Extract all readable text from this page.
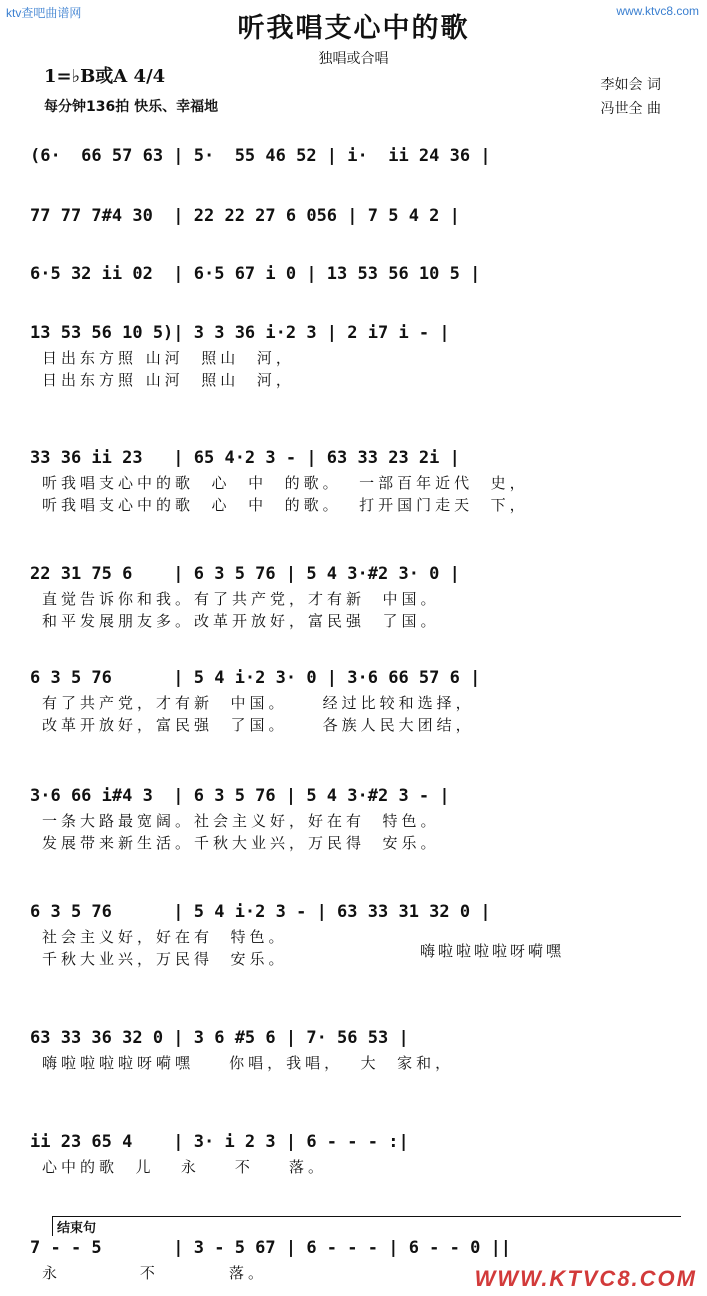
ktv查吧曲谱网	www.ktvc8.com
听我唱支心中的歌
独唱或合唱
1=♭B或A 4/4
每分钟136拍 快乐、幸福地
李如会 词
冯世全 曲
(6·  66 57 63 | 5·  55 46 52 | i·  ii 24 36 |
77 77 7#4 30  | 22 22 27 6 056 | 7 5 4 2 |
6·5 32 ii 02  | 6·5 67 i 0 | 13 53 56 10 5 |
13 53 56 10 5)| 3 3 36 i·2 3 | 2 i7 i - |
日出东方照 山河  照山  河，
日出东方照 山河  照山  河，
33 36 ii 23   | 65 4·2 3 - | 63 33 23 2i |
听我唱支心中的歌  心  中  的歌。  一部百年近代  史，
听我唱支心中的歌  心  中  的歌。  打开国门走天  下，
22 31 75 6    | 6 3 5 76 | 5 4 3·#2 3· 0 |
直觉告诉你和我。有了共产党，才有新  中国。
和平发展朋友多。改革开放好，富民强  了国。
6 3 5 76      | 5 4 i·2 3· 0 | 3·6 66 57 6 |
有了共产党，才有新  中国。    经过比较和选择，
改革开放好，富民强  了国。    各族人民大团结，
3·6 66 i#4 3  | 6 3 5 76 | 5 4 3·#2 3 - |
一条大路最宽阔。社会主义好，好在有  特色。
发展带来新生活。千秋大业兴，万民得  安乐。
6 3 5 76      | 5 4 i·2 3 - | 63 33 31 32 0 |
社会主义好，好在有  特色。
千秋大业兴，万民得  安乐。
63 33 36 32 0 | 3 6 #5 6 | 7· 56 53 |
嗨啦啦啦啦呀嗬嘿    你唱，我唱，  大  家和，
ii 23 65 4    | 3· i 2 3 | 6 - - - :|
心中的歌  儿   永    不    落。
7 - - 5       | 3 - 5 67 | 6 - - - | 6 - - 0 ||
永         不        落。
嗨啦啦啦啦呀嗬嘿
结束句
WWW.KTVC8.COM
